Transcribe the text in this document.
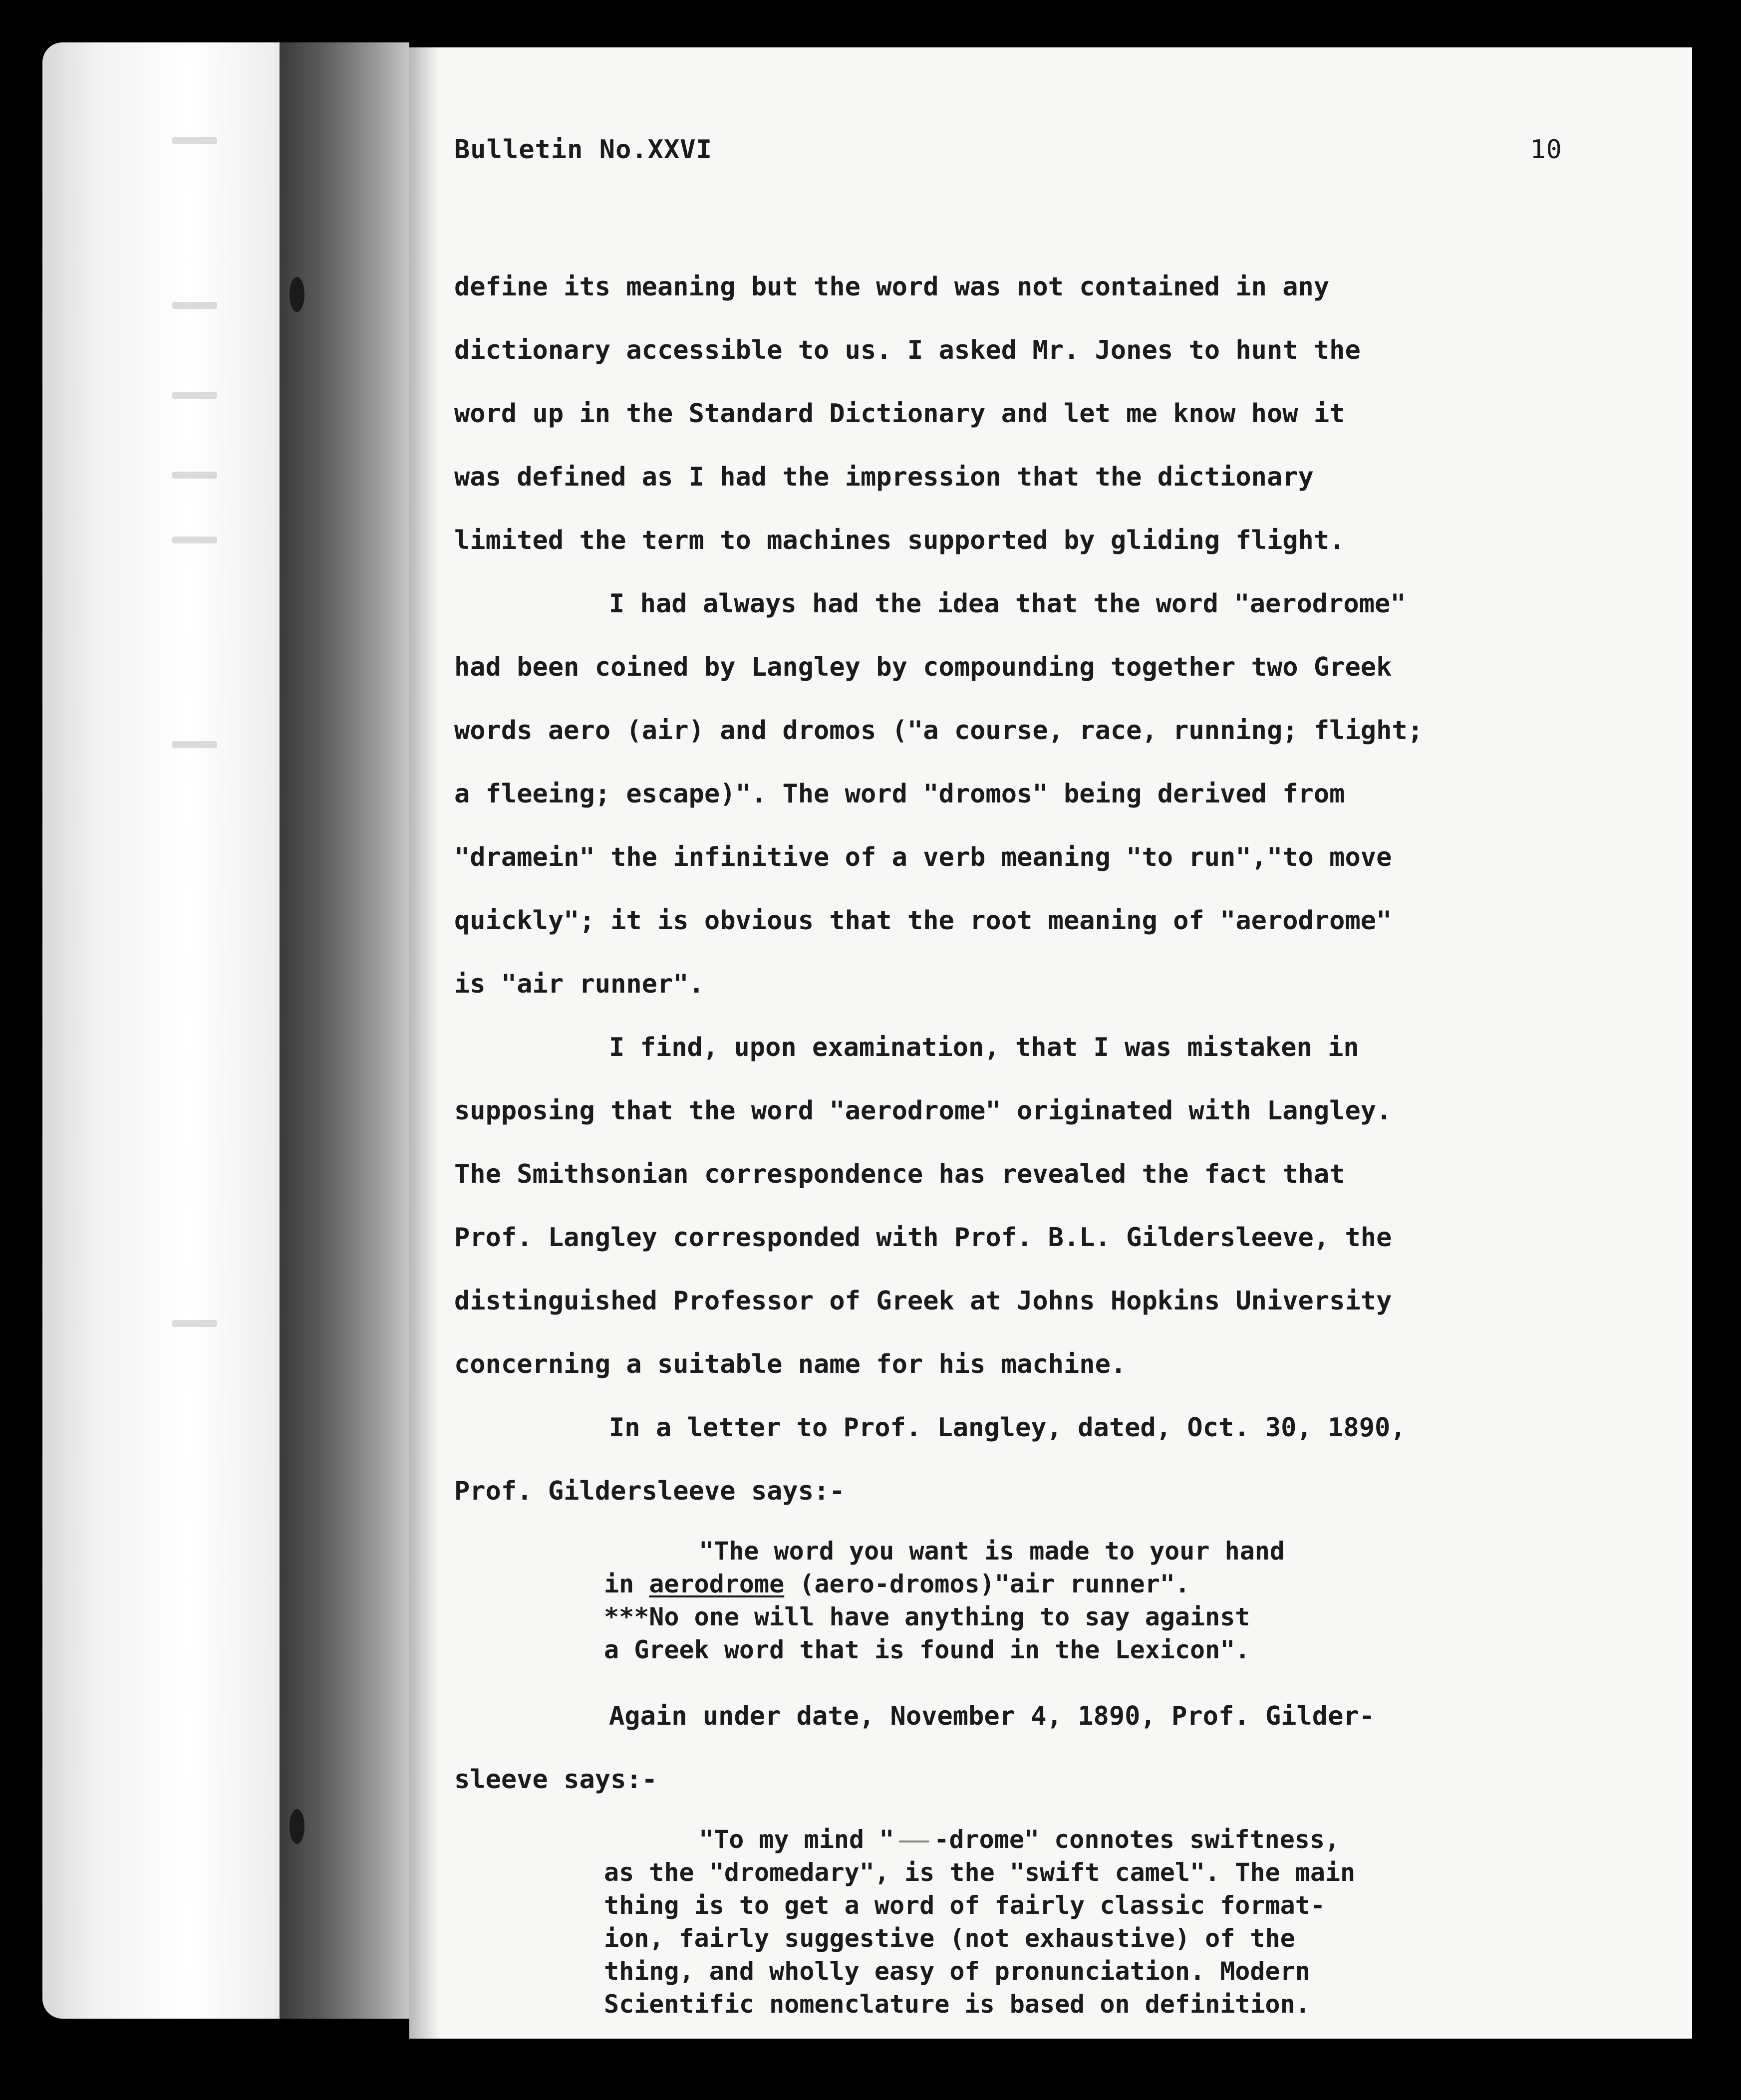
Bulletin No.XXVI	10
define its meaning but the word was not contained in any
dictionary accessible to us. I asked Mr. Jones to hunt the
word up in the Standard Dictionary and let me know how it
was defined as I had the impression that the dictionary
limited the term to machines supported by gliding flight.
I had always had the idea that the word "aerodrome"
had been coined by Langley by compounding together two Greek
words aero (air) and dromos ("a course, race, running; flight;
a fleeing; escape)". The word "dromos" being derived from
"dramein" the infinitive of a verb meaning "to run","to move
quickly"; it is obvious that the root meaning of "aerodrome"
is "air runner".
I find, upon examination, that I was mistaken in
supposing that the word "aerodrome" originated with Langley.
The Smithsonian correspondence has revealed the fact that
Prof. Langley corresponded with Prof. B.L. Gildersleeve, the
distinguished Professor of Greek at Johns Hopkins University
concerning a suitable name for his machine.
In a letter to Prof. Langley, dated, Oct. 30, 1890,
Prof. Gildersleeve says:-
"The word you want is made to your hand
in aerodrome (aero-dromos)"air runner".
***No one will have anything to say against
a Greek word that is found in the Lexicon".
Again under date, November 4, 1890, Prof. Gilder-
sleeve says:-
"To my mind " -drome" connotes swiftness,
as the "dromedary", is the "swift camel". The main
thing is to get a word of fairly classic format-
ion, fairly suggestive (not exhaustive) of the
thing, and wholly easy of pronunciation. Modern
Scientific nomenclature is based on definition.
